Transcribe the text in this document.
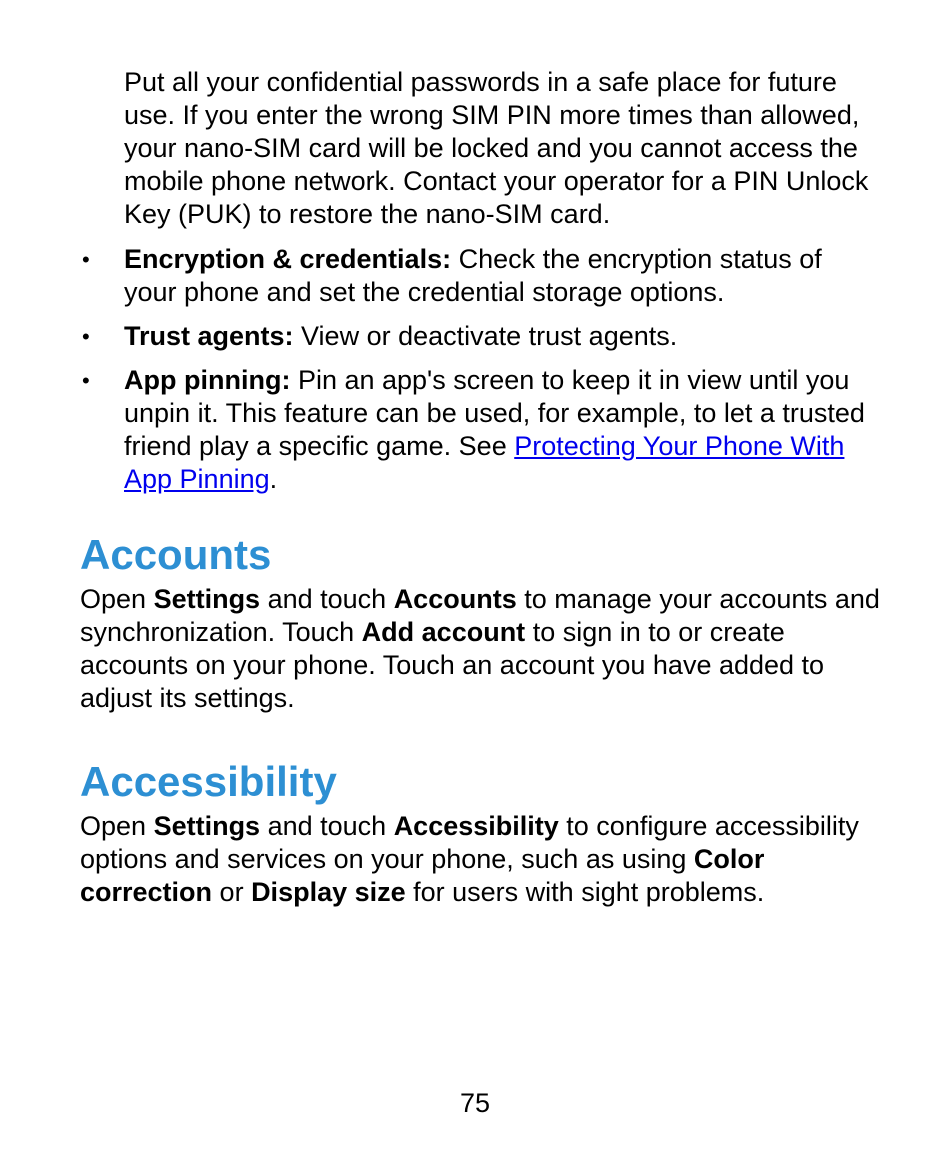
Put all your confidential passwords in a safe place for future use. If you enter the wrong SIM PIN more times than allowed, your nano-SIM card will be locked and you cannot access the mobile phone network. Contact your operator for a PIN Unlock Key (PUK) to restore the nano-SIM card.

• Encryption & credentials: Check the encryption status of your phone and set the credential storage options.
• Trust agents: View or deactivate trust agents.
• App pinning: Pin an app's screen to keep it in view until you unpin it. This feature can be used, for example, to let a trusted friend play a specific game. See Protecting Your Phone With App Pinning.
Accounts

Open Settings and touch Accounts to manage your accounts and synchronization. Touch Add account to sign in to or create accounts on your phone. Touch an account you have added to adjust its settings.

Accessibility

Open Settings and touch Accessibility to configure accessibility options and services on your phone, such as using Color correction or Display size for users with sight problems.

75
